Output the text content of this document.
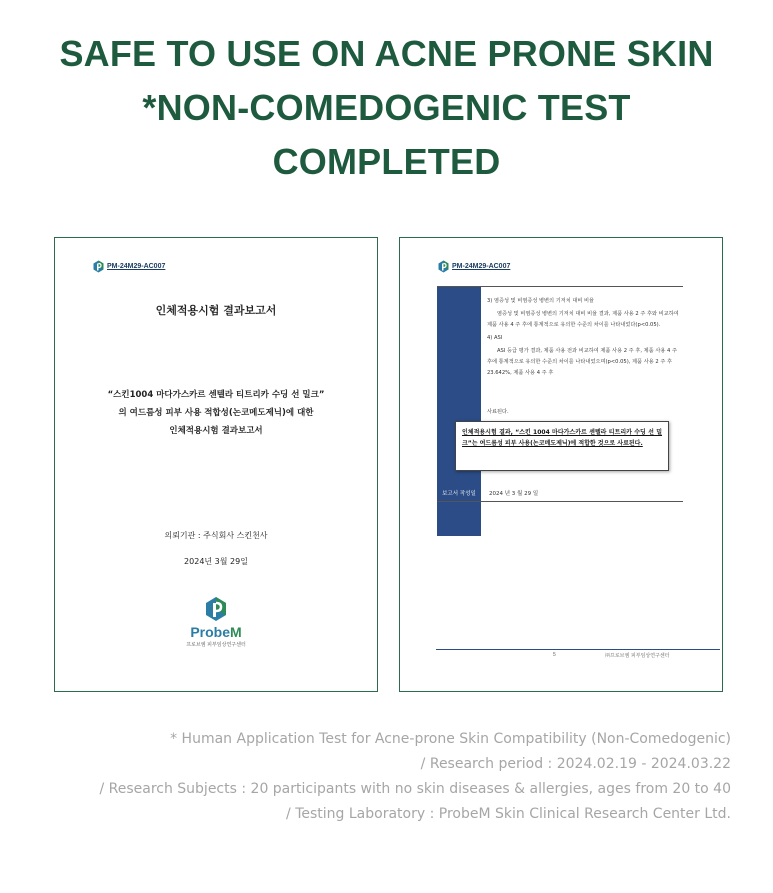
SAFE TO USE ON ACNE PRONE SKIN
*NON-COMEDOGENIC TEST
COMPLETED
PM-24M29-AC007
인체적용시험 결과보고서
“스킨1004 마다가스카르 센텔라 티트리카 수딩 선 밀크”
의 여드름성 피부 사용 적합성(논코메도제닉)에 대한
인체적용시험 결과보고서
의뢰기관 : 주식회사 스킨천사
2024년 3월 29일
ProbeM
프로브엠 피부임상연구센터
PM-24M29-AC007

3) 염증성 및 비염증성 병변의 기저치 대비 비율

염증성 및 비염증성 병변의 기저치 대비 비율 결과, 제품 사용 2 주 후와 비교하여 제품 사용 4 주 후에 통계적으로 유의한 수준의 차이를 나타내었다(p<0.05).

4) ASI

ASI 등급 평가 결과, 제품 사용 전과 비교하여 제품 사용 2 주 후, 제품 사용 4 주 후에 통계적으로 유의한 수준의 차이를 나타내었으며(p<0.05), 제품 사용 2 주 후 23.642%, 제품 사용 4 주 후

사료된다.

보고서 작성일	2024 년 3 월 29 일
인체적용시험 결과, “스킨 1004 마다가스카르 센텔라 티트리카 수딩 선 밀크”는 여드름성 피부 사용(논코메도제닉)에 적합한 것으로 사료된다.
5	㈜프로브엠 피부임상연구센터
* Human Application Test for Acne-prone Skin Compatibility (Non-Comedogenic)
/ Research period : 2024.02.19 - 2024.03.22
/ Research Subjects : 20 participants with no skin diseases & allergies, ages from 20 to 40
/ Testing Laboratory : ProbeM Skin Clinical Research Center Ltd.
